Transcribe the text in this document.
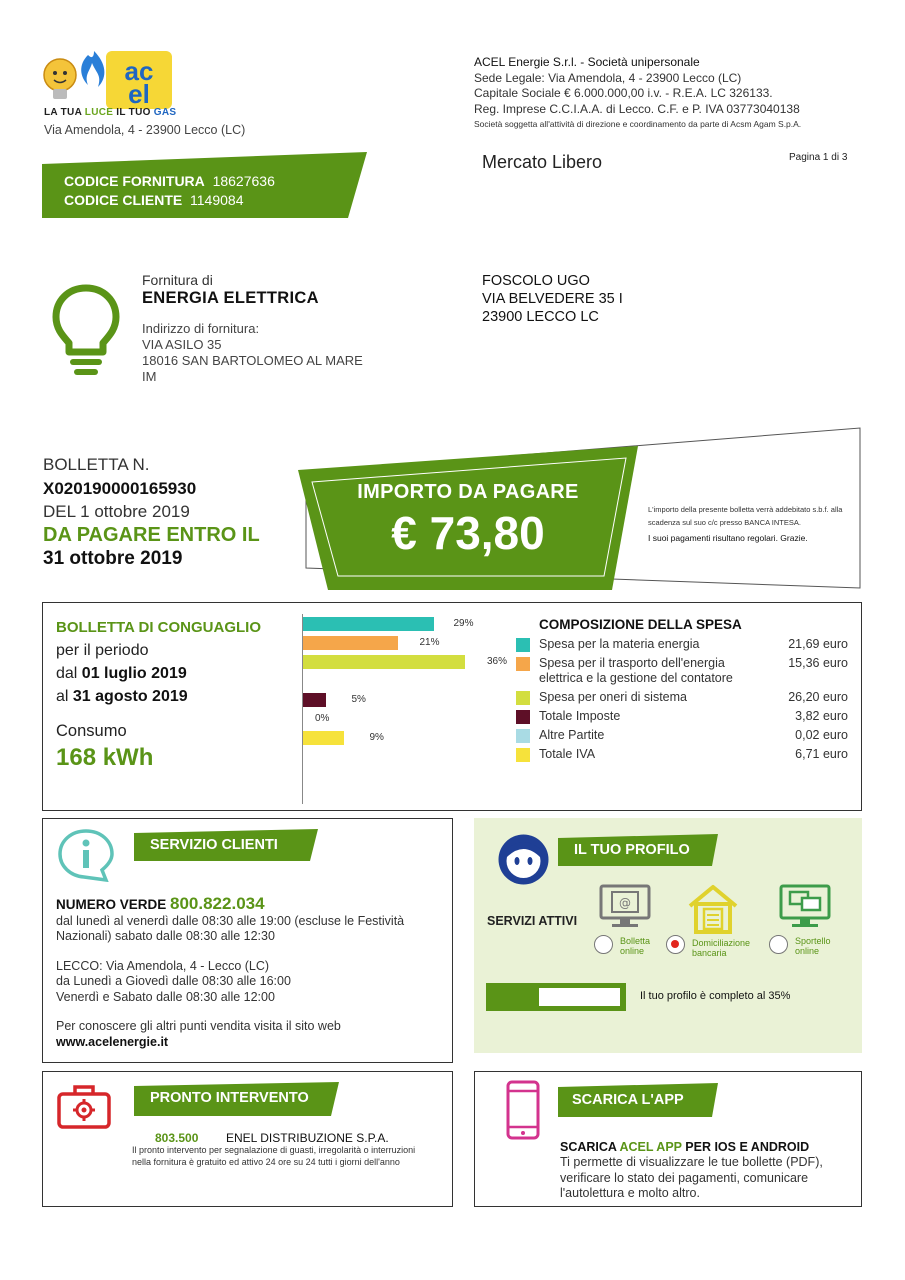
ac
el
LA TUA LUCE IL TUO GAS
Via Amendola, 4 - 23900 Lecco (LC)
ACEL Energie S.r.l. - Società unipersonale
Sede Legale: Via Amendola, 4 - 23900 Lecco (LC)
Capitale Sociale € 6.000.000,00 i.v. - R.E.A. LC 326133.
Reg. Imprese C.C.I.A.A. di Lecco. C.F. e P. IVA 03773040138
Società soggetta all'attività di direzione e coordinamento da parte di Acsm Agam S.p.A.
CODICE FORNITURA 18627636
CODICE CLIENTE 1149084
Mercato Libero	Pagina 1 di 3
Fornitura di
ENERGIA ELETTRICA
Indirizzo di fornitura:
VIA ASILO 35
18016 SAN BARTOLOMEO AL MARE
IM
FOSCOLO UGO
VIA BELVEDERE 35 I
23900 LECCO LC
BOLLETTA N.
X020190000165930
DEL 1 ottobre 2019
DA PAGARE ENTRO IL
31 ottobre 2019
IMPORTO DA PAGARE
€ 73,80	L'importo della presente bolletta verrà addebitato s.b.f. alla scadenza sul suo c/c presso BANCA INTESA.
I suoi pagamenti risultano regolari. Grazie.
BOLLETTA DI CONGUAGLIO
per il periodo
dal 01 luglio 2019
al 31 agosto 2019
Consumo
168 kWh
29%
21%
36%
5%
0%
9%
COMPOSIZIONE DELLA SPESA
Spesa per la materia energia	21,69 euro
Spesa per il trasporto dell'energia elettrica e la gestione del contatore
15,36 euro
Spesa per oneri di sistema	26,20 euro
Totale Imposte	3,82 euro
Altre Partite	0,02 euro
Totale IVA	6,71 euro
SERVIZIO CLIENTI
NUMERO VERDE 800.822.034
dal lunedì al venerdì dalle 08:30 alle 19:00 (escluse le Festività Nazionali) sabato dalle 08:30 alle 12:30
LECCO: Via Amendola, 4 - Lecco (LC)
da Lunedì a Giovedì dalle 08:30 alle 16:00
Venerdì e Sabato dalle 08:30 alle 12:00
Per conoscere gli altri punti vendita visita il sito web
www.acelenergie.it
IL TUO PROFILO
SERVIZI ATTIVI
@
Bolletta
online
Domiciliazione
bancaria
Sportello
online
Il tuo profilo è completo al 35%
PRONTO INTERVENTO
803.500 ENEL DISTRIBUZIONE S.P.A.
Il pronto intervento per segnalazione di guasti, irregolarità o interruzioni nella fornitura è gratuito ed attivo 24 ore su 24 tutti i giorni dell'anno
SCARICA L'APP
SCARICA ACEL APP PER IOS E ANDROID
Ti permette di visualizzare le tue bollette (PDF), verificare lo stato dei pagamenti, comunicare l'autolettura e molto altro.
